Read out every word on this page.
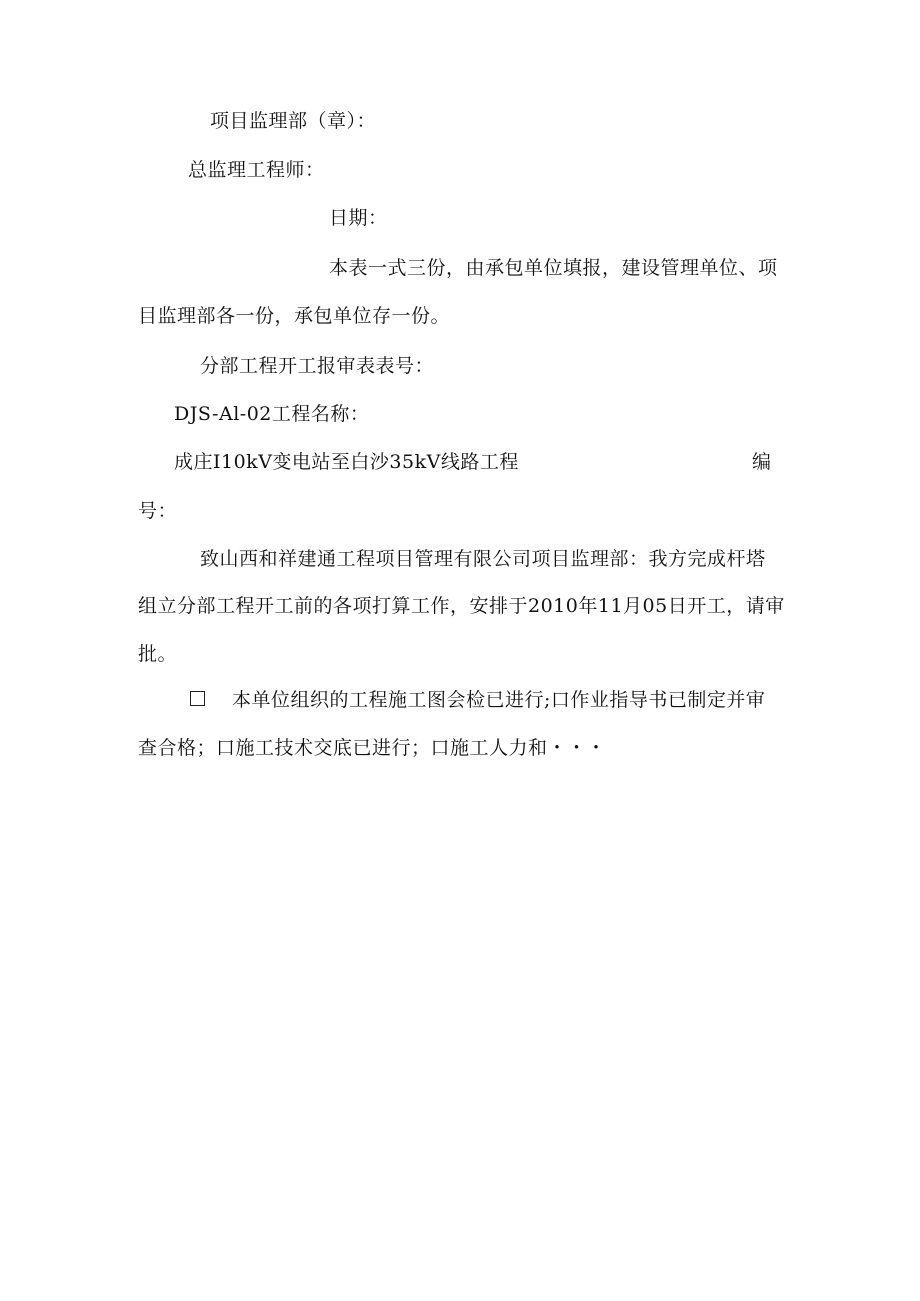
项目监理部（章）：
总监理工程师：
日期：
本表一式三份，由承包单位填报，建设管理单位、项
目监理部各一份，承包单位存一份。
分部工程开工报审表表号：
DJS-Al-02工程名称：
成庄I10kV变电站至白沙35kV线路工程	编
号：
致山西和祥建通工程项目管理有限公司项目监理部：我方完成杆塔
组立分部工程开工前的各项打算工作，安排于2010年11月05日开工，请审
批。
本单位组织的工程施工图会检已进行;口作业指导书已制定并审
查合格；口施工技术交底已进行；口施工人力和・・・
